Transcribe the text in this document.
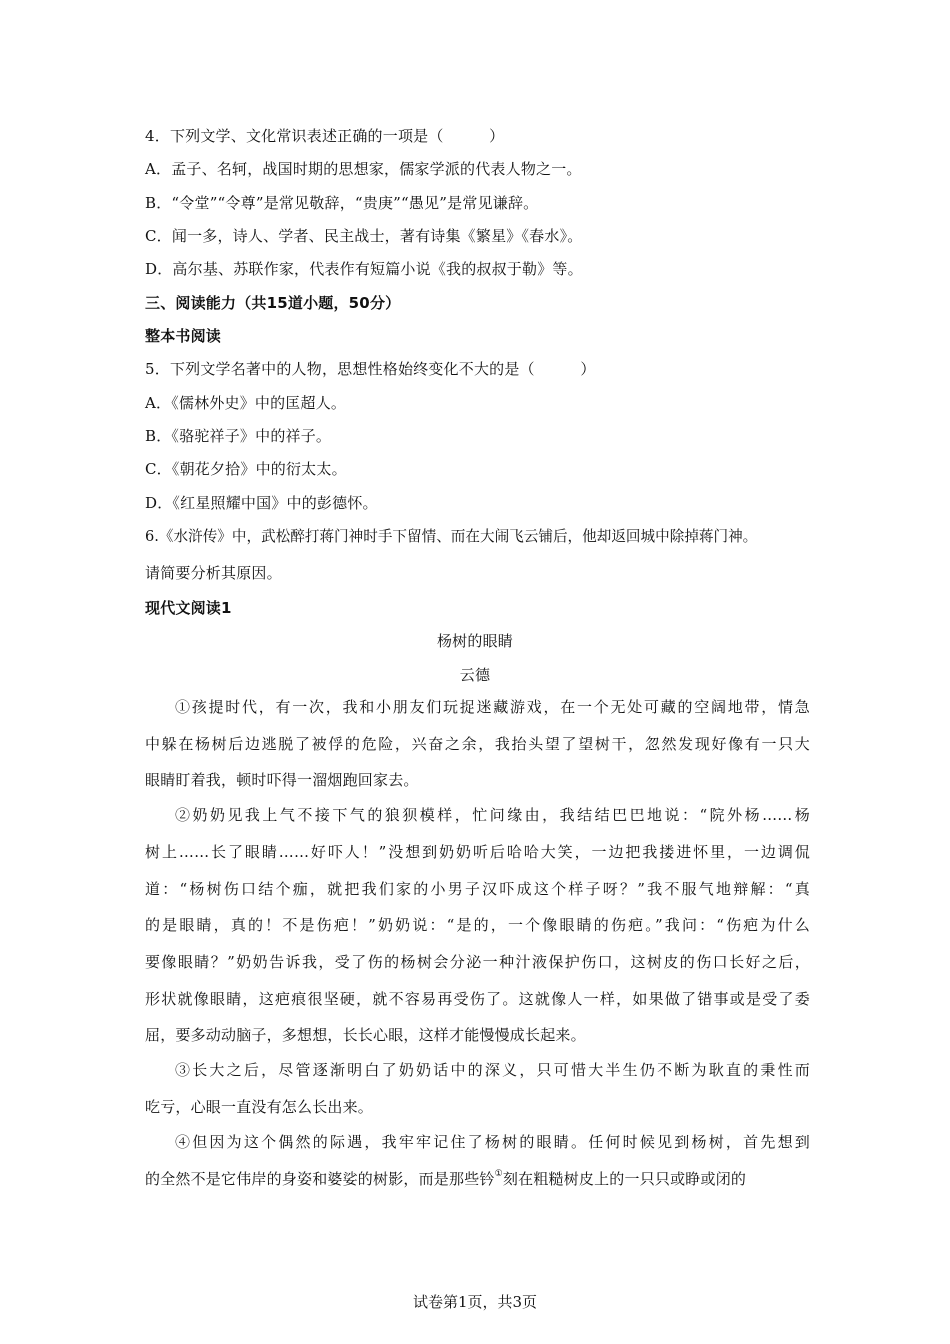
4．下列文学、文化常识表述正确的一项是（　　　）
A．孟子、名轲，战国时期的思想家，儒家学派的代表人物之一。
B．“令堂”“令尊”是常见敬辞，“贵庚”“愚见”是常见谦辞。
C．闻一多，诗人、学者、民主战士，著有诗集《繁星》《春水》。
D．高尔基、苏联作家，代表作有短篇小说《我的叔叔于勒》等。
三、阅读能力（共15道小题，50分）
整本书阅读
5．下列文学名著中的人物，思想性格始终变化不大的是（　　　）
A．《儒林外史》中的匡超人。
B．《骆驼祥子》中的祥子。
C．《朝花夕拾》中的衍太太。
D．《红星照耀中国》中的彭德怀。
6.《水浒传》中，武松醉打蒋门神时手下留情、而在大闹飞云铺后，他却返回城中除掉蒋门神。
请简要分析其原因。
现代文阅读1
杨树的眼睛
云德
①孩提时代，有一次，我和小朋友们玩捉迷藏游戏，在一个无处可藏的空阔地带，情急
中躲在杨树后边逃脱了被俘的危险，兴奋之余，我抬头望了望树干，忽然发现好像有一只大
眼睛盯着我，顿时吓得一溜烟跑回家去。
②奶奶见我上气不接下气的狼狈模样，忙问缘由，我结结巴巴地说：“院外杨……杨
树上……长了眼睛……好吓人！”没想到奶奶听后哈哈大笑，一边把我搂进怀里，一边调侃
道：“杨树伤口结个痂，就把我们家的小男子汉吓成这个样子呀？”我不服气地辩解：“真
的是眼睛，真的！不是伤疤！”奶奶说：“是的，一个像眼睛的伤疤。”我问：“伤疤为什么
要像眼睛？”奶奶告诉我，受了伤的杨树会分泌一种汁液保护伤口，这树皮的伤口长好之后，
形状就像眼睛，这疤痕很坚硬，就不容易再受伤了。这就像人一样，如果做了错事或是受了委
屈，要多动动脑子，多想想，长长心眼，这样才能慢慢成长起来。
③长大之后，尽管逐渐明白了奶奶话中的深义，只可惜大半生仍不断为耿直的秉性而
吃亏，心眼一直没有怎么长出来。
④但因为这个偶然的际遇，我牢牢记住了杨树的眼睛。任何时候见到杨树，首先想到
的全然不是它伟岸的身姿和婆娑的树影，而是那些钤①刻在粗糙树皮上的一只只或睁或闭的
试卷第1页，共3页
